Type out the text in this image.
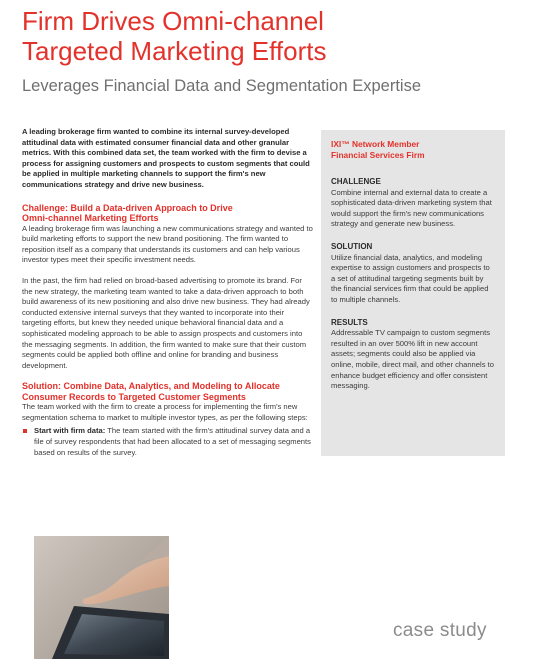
Firm Drives Omni-channel
Targeted Marketing Efforts

Leverages Financial Data and Segmentation Expertise

A leading brokerage firm wanted to combine its internal survey-developed attitudinal data with estimated consumer financial data and other granular metrics. With this combined data set, the team worked with the firm to devise a process for assigning customers and prospects to custom segments that could be applied in multiple marketing channels to support the firm's new communications strategy and drive new business.

Challenge: Build a Data-driven Approach to Drive
Omni-channel Marketing Efforts

A leading brokerage firm was launching a new communications strategy and wanted to build marketing efforts to support the new brand positioning. The firm wanted to reposition itself as a company that understands its customers and can help various investor types meet their specific investment needs.

In the past, the firm had relied on broad-based advertising to promote its brand. For the new strategy, the marketing team wanted to take a data-driven approach to both build awareness of its new positioning and also drive new business. They had already conducted extensive internal surveys that they wanted to incorporate into their targeting efforts, but knew they needed unique behavioral financial data and a sophisticated modeling approach to be able to assign prospects and customers into the messaging segments. In addition, the firm wanted to make sure that their custom segments could be applied both offline and online for branding and business development.

Solution: Combine Data, Analytics, and Modeling to Allocate
Consumer Records to Targeted Customer Segments

The team worked with the firm to create a process for implementing the firm's new segmentation schema to market to multiple investor types, as per the following steps:

Start with firm data: The team started with the firm's attitudinal survey data and a file of survey respondents that had been allocated to a set of messaging segments based on results of the survey.

IXI™ Network Member
Financial Services Firm

CHALLENGE

Combine internal and external data to create a sophisticated data-driven marketing system that would support the firm's new communications strategy and generate new business.

SOLUTION

Utilize financial data, analytics, and modeling expertise to assign customers and prospects to a set of attitudinal targeting segments built by the financial services firm that could be applied to multiple channels.

RESULTS

Addressable TV campaign to custom segments resulted in an over 500% lift in new account assets; segments could also be applied via online, mobile, direct mail, and other channels to enhance budget efficiency and offer consistent messaging.

case study
